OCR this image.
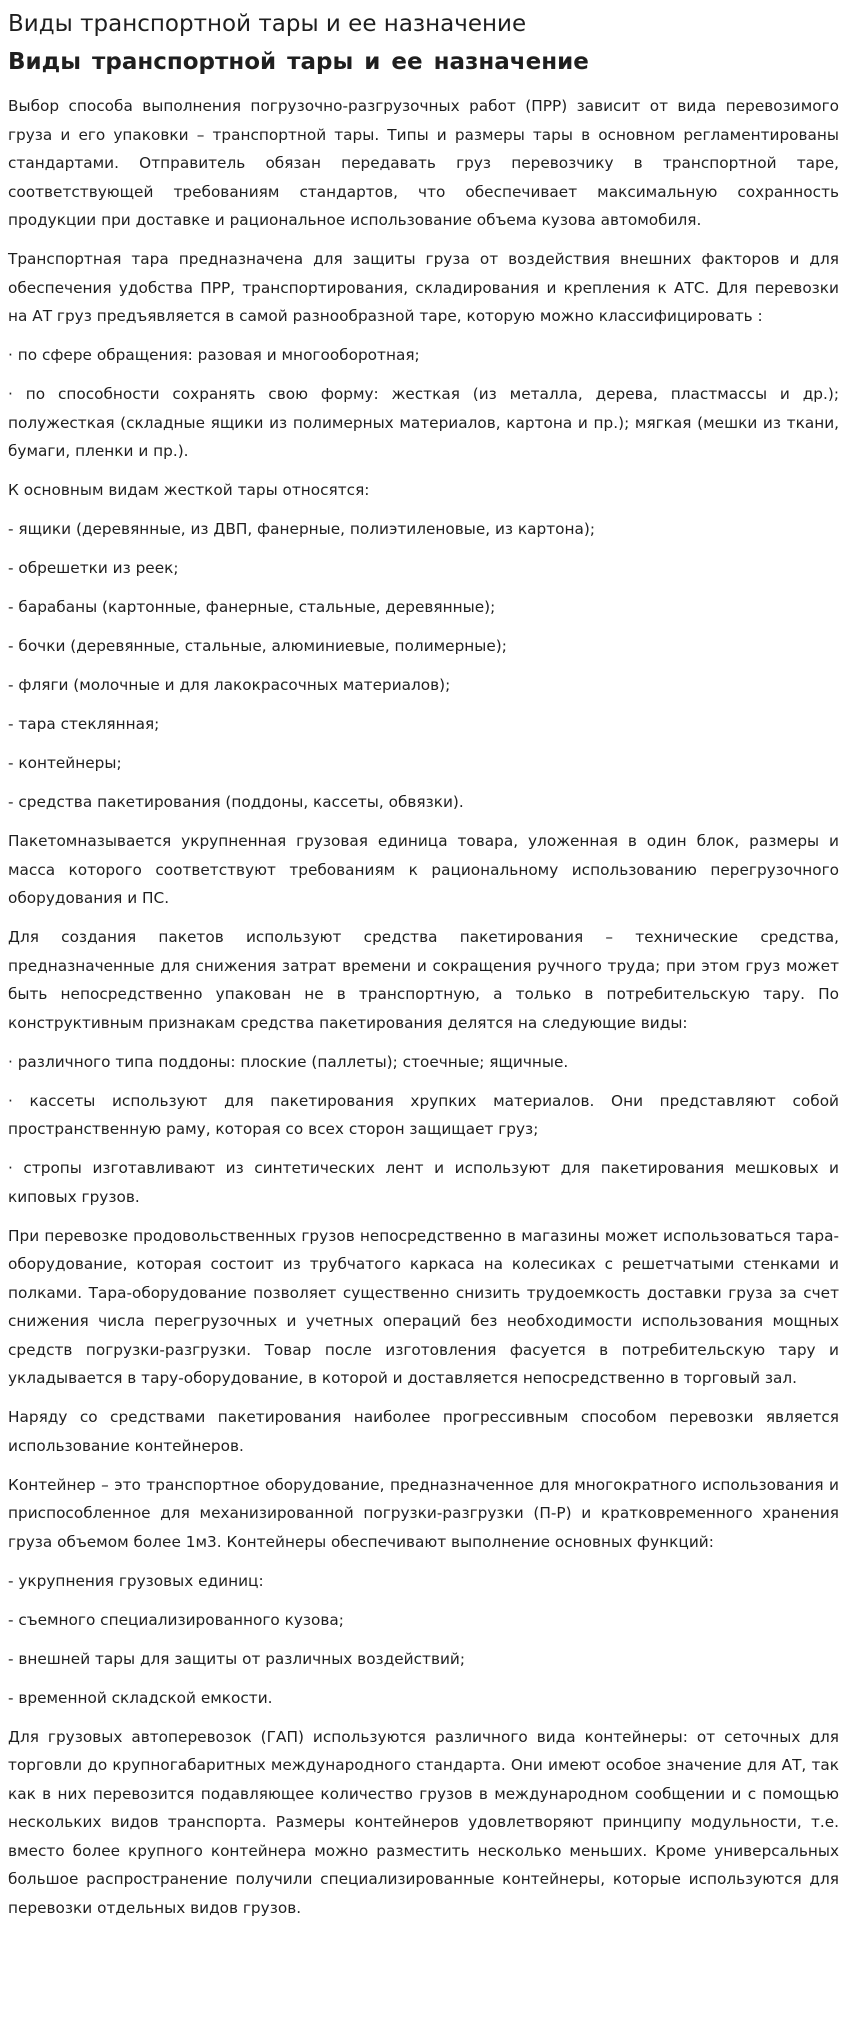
Виды транспортной тары и ее назначение
Виды транспортной тары и ее назначение

Выбор способа выполнения погрузочно-разгрузочных работ (ПРР) зависит от вида перевозимого груза и его упаковки – транспортной тары. Типы и размеры тары в основном регламентированы стандартами. Отправитель обязан передавать груз перевозчику в транспортной таре, соответствующей требованиям стандартов, что обеспечивает максимальную сохранность продукции при доставке и рациональное использование объема кузова автомобиля.

Транспортная тара предназначена для защиты груза от воздействия внешних факторов и для обеспечения удобства ПРР, транспортирования, складирования и крепления к АТС. Для перевозки на АТ груз предъявляется в самой разнообразной таре, которую можно классифицировать :

· по сфере обращения: разовая и многооборотная;

· по способности сохранять свою форму: жесткая (из металла, дерева, пластмассы и др.); полужесткая (складные ящики из полимерных материалов, картона и пр.); мягкая (мешки из ткани, бумаги, пленки и пр.).

К основным видам жесткой тары относятся:

- ящики (деревянные, из ДВП, фанерные, полиэтиленовые, из картона);

- обрешетки из реек;

- барабаны (картонные, фанерные, стальные, деревянные);

- бочки (деревянные, стальные, алюминиевые, полимерные);

- фляги (молочные и для лакокрасочных материалов);

- тара стеклянная;

- контейнеры;

- средства пакетирования (поддоны, кассеты, обвязки).

Пакетомназывается укрупненная грузовая единица товара, уложенная в один блок, размеры и масса которого соответствуют требованиям к рациональному использованию перегрузочного оборудования и ПС.

Для создания пакетов используют средства пакетирования – технические средства, предназначенные для снижения затрат времени и сокращения ручного труда; при этом груз может быть непосредственно упакован не в транспортную, а только в потребительскую тару. По конструктивным признакам средства пакетирования делятся на следующие виды:

· различного типа поддоны: плоские (паллеты); стоечные; ящичные.

· кассеты используют для пакетирования хрупких материалов. Они представляют собой пространственную раму, которая со всех сторон защищает груз;

· стропы изготавливают из синтетических лент и используют для пакетирования мешковых и киповых грузов.

При перевозке продовольственных грузов непосредственно в магазины может использоваться тара-оборудование, которая состоит из трубчатого каркаса на колесиках с решетчатыми стенками и полками. Тара-оборудование позволяет существенно снизить трудоемкость доставки груза за счет снижения числа перегрузочных и учетных операций без необходимости использования мощных средств погрузки-разгрузки. Товар после изготовления фасуется в потребительскую тару и укладывается в тару-оборудование, в которой и доставляется непосредственно в торговый зал.

Наряду со средствами пакетирования наиболее прогрессивным способом перевозки является использование контейнеров.

Контейнер – это транспортное оборудование, предназначенное для многократного использования и приспособленное для механизированной погрузки-разгрузки (П-Р) и кратковременного хранения груза объемом более 1м3. Контейнеры обеспечивают выполнение основных функций:

- укрупнения грузовых единиц:

- съемного специализированного кузова;

- внешней тары для защиты от различных воздействий;

- временной складской емкости.

Для грузовых автоперевозок (ГАП) используются различного вида контейнеры: от сеточных для торговли до крупногабаритных международного стандарта. Они имеют особое значение для АТ, так как в них перевозится подавляющее количество грузов в международном сообщении и с помощью нескольких видов транспорта. Размеры контейнеров удовлетворяют принципу модульности, т.е. вместо более крупного контейнера можно разместить несколько меньших. Кроме универсальных большое распространение получили специализированные контейнеры, которые используются для перевозки отдельных видов грузов.
